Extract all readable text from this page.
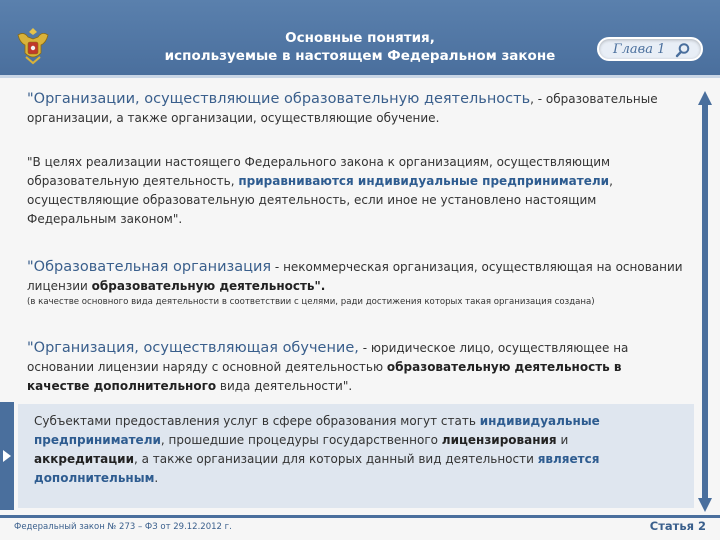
Основные понятия,
используемые в настоящем Федеральном законе	Глава 1
"Организации, осуществляющие образовательную деятельность, - образовательные организации, а также организации, осуществляющие обучение.
"В целях реализации настоящего Федерального закона к организациям, осуществляющим образовательную деятельность, приравниваются индивидуальные предприниматели, осуществляющие образовательную деятельность, если иное не установлено настоящим Федеральным законом".
"Образовательная организация - некоммерческая организация, осуществляющая на основании лицензии образовательную деятельность".
(в качестве основного вида деятельности в соответствии с целями, ради достижения которых такая организация создана)
"Организация, осуществляющая обучение, - юридическое лицо, осуществляющее на основании лицензии наряду с основной деятельностью образовательную деятельность в качестве дополнительного вида деятельности".
Субъектами предоставления услуг в сфере образования могут стать индивидуальные предприниматели, прошедшие процедуры государственного лицензирования и аккредитации, а также организации для которых данный вид деятельности является дополнительным.
Федеральный закон № 273 – ФЗ от 29.12.2012 г.	Статья 2
